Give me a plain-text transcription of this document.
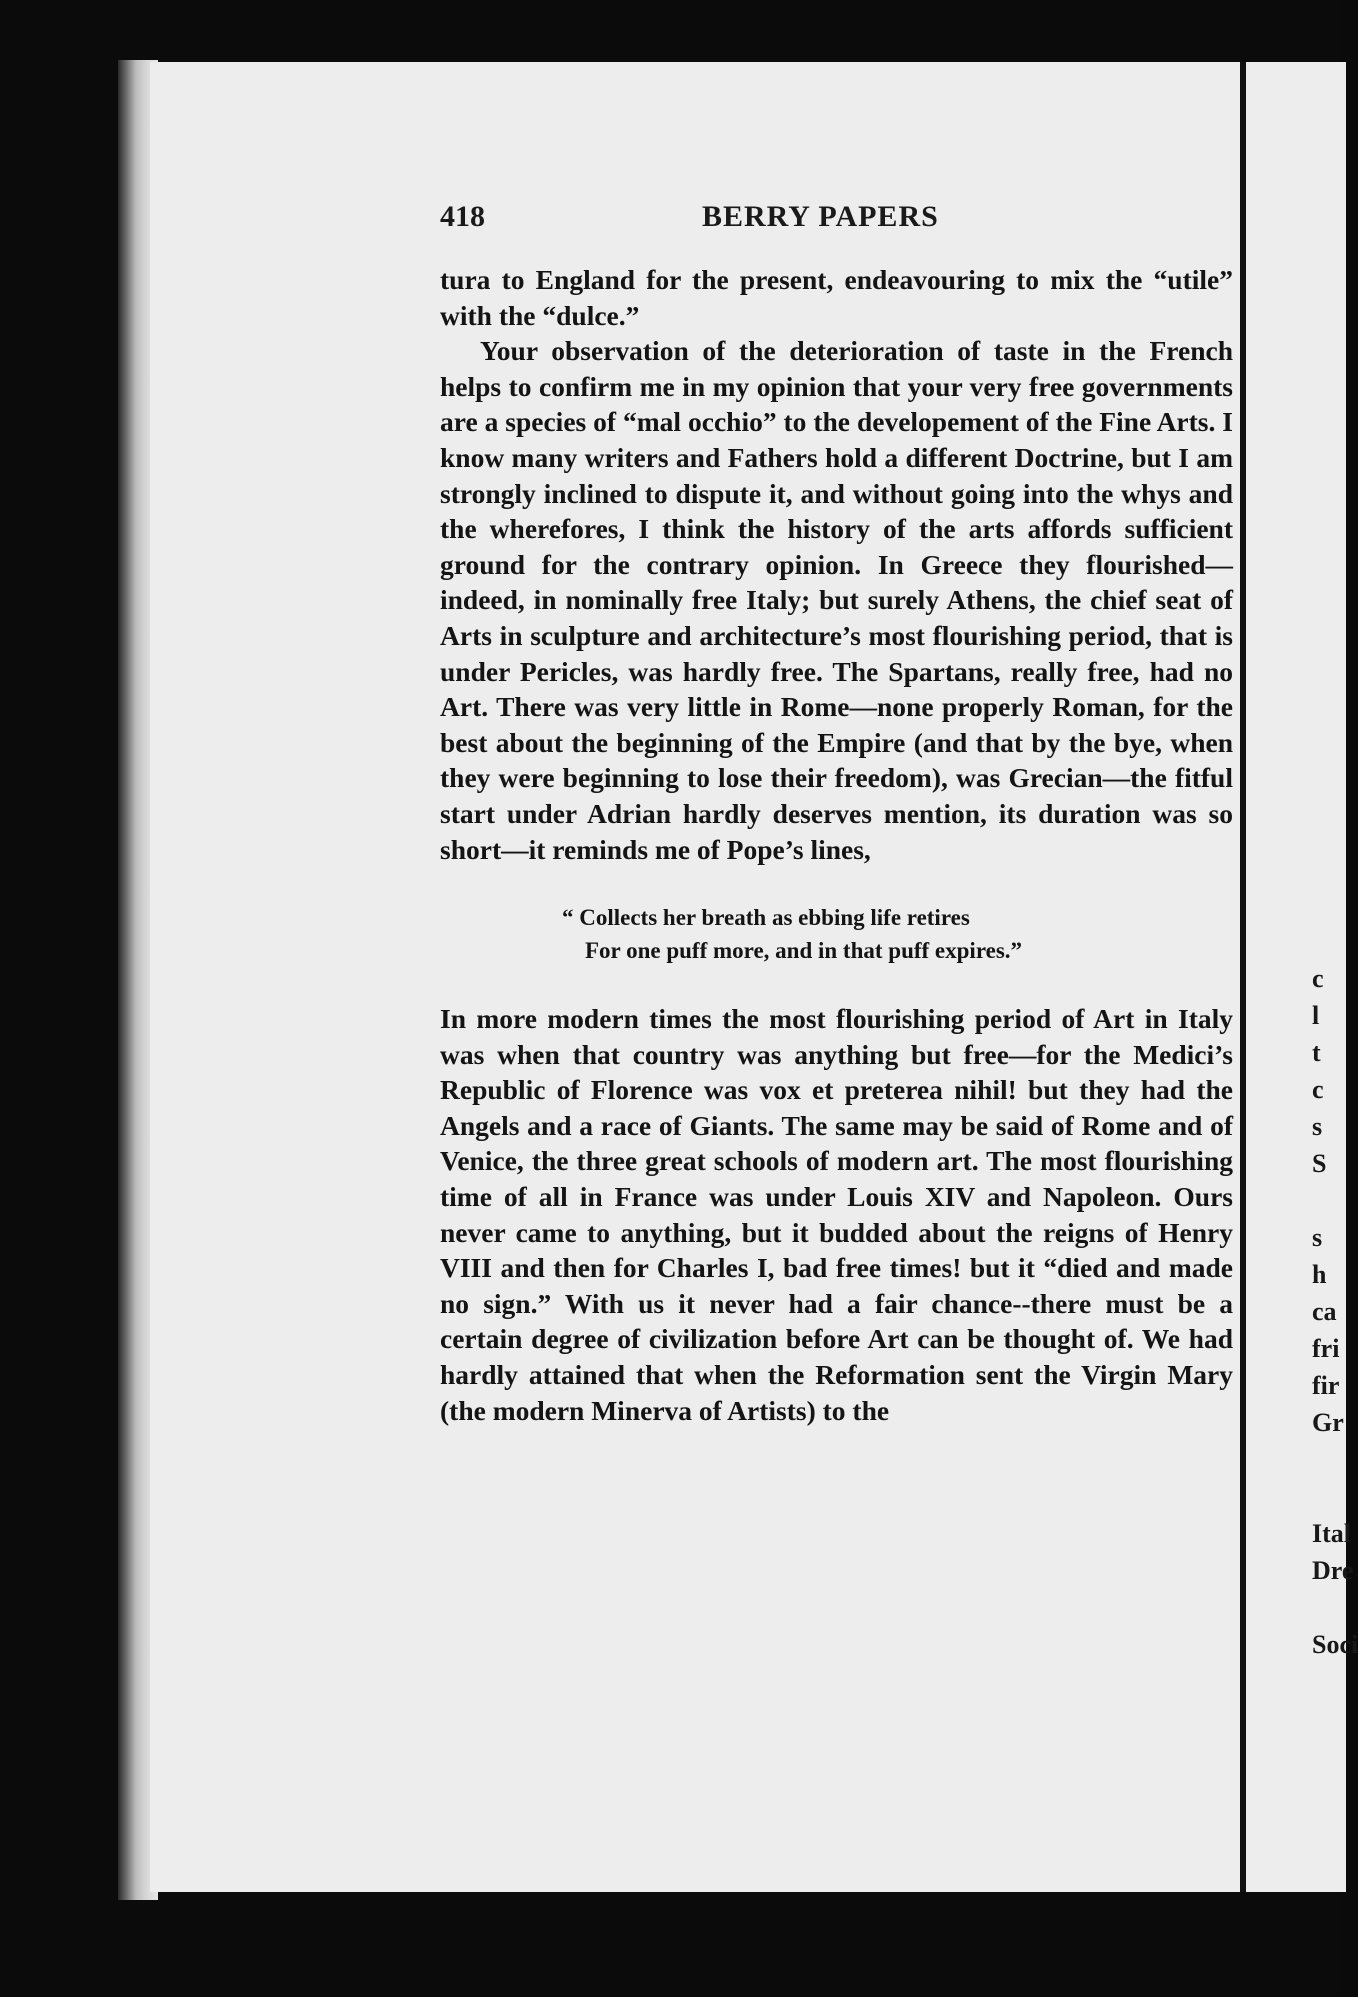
418	BERRY PAPERS

tura to England for the present, endeavouring to mix the “utile” with the “dulce.”

Your observation of the deterioration of taste in the French helps to confirm me in my opinion that your very free governments are a species of “mal occhio” to the developement of the Fine Arts. I know many writers and Fathers hold a different Doctrine, but I am strongly inclined to dispute it, and without going into the whys and the wherefores, I think the history of the arts affords sufficient ground for the contrary opinion. In Greece they flourished—indeed, in nominally free Italy; but surely Athens, the chief seat of Arts in sculpture and architecture’s most flourishing period, that is under Pericles, was hardly free. The Spartans, really free, had no Art. There was very little in Rome—none properly Roman, for the best about the beginning of the Empire (and that by the bye, when they were beginning to lose their freedom), was Grecian—the fitful start under Adrian hardly deserves mention, its duration was so short—it reminds me of Pope’s lines,

“ Collects her breath as ebbing life retires
For one puff more, and in that puff expires.”

In more modern times the most flourishing period of Art in Italy was when that country was anything but free—for the Medici’s Republic of Florence was vox et preterea nihil! but they had the Angels and a race of Giants. The same may be said of Rome and of Venice, the three great schools of modern art. The most flourishing time of all in France was under Louis XIV and Napoleon. Ours never came to anything, but it budded about the reigns of Henry VIII and then for Charles I, bad free times! but it “died and made no sign.” With us it never had a fair chance--there must be a certain degree of civilization before Art can be thought of. We had hardly attained that when the Reformation sent the Virgin Mary (the modern Minerva of Artists) to the

c
l
t
c
s
S
s
h
ca
fri
fir
Gr
Ital
Dre
Soci
